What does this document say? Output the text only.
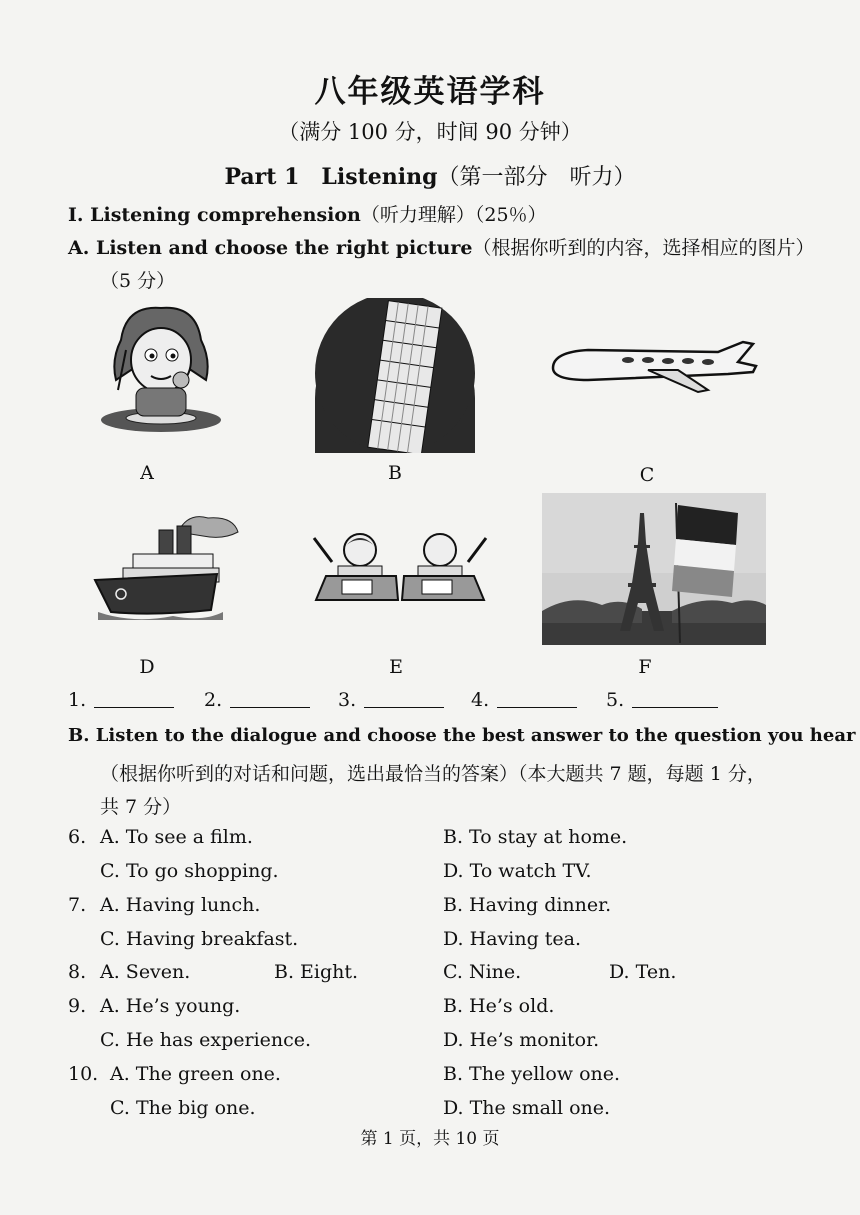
八年级英语学科
（满分 100 分，时间 90 分钟）
Part 1 Listening（第一部分　听力）
I. Listening comprehension（听力理解）（25％）
A. Listen and choose the right picture（根据你听到的内容，选择相应的图片）
（5 分）
A	B	C
D	E	F
1.	2.	3.	4.	5.
B. Listen to the dialogue and choose the best answer to the question you hear
（根据你听到的对话和问题，选出最恰当的答案）（本大题共 7 题，每题 1 分，
共 7 分）
6. A. To see a film.	B. To stay at home.
C. To go shopping.	D. To watch TV.
7. A. Having lunch.	B. Having dinner.
C. Having breakfast.	D. Having tea.
8. A. Seven.	B. Eight.	C. Nine.	D. Ten.
9. A. He’s young.	B. He’s old.
C. He has experience.	D. He’s monitor.
10. A. The green one.	B. The yellow one.
C. The big one.	D. The small one.
第 1 页，共 10 页
